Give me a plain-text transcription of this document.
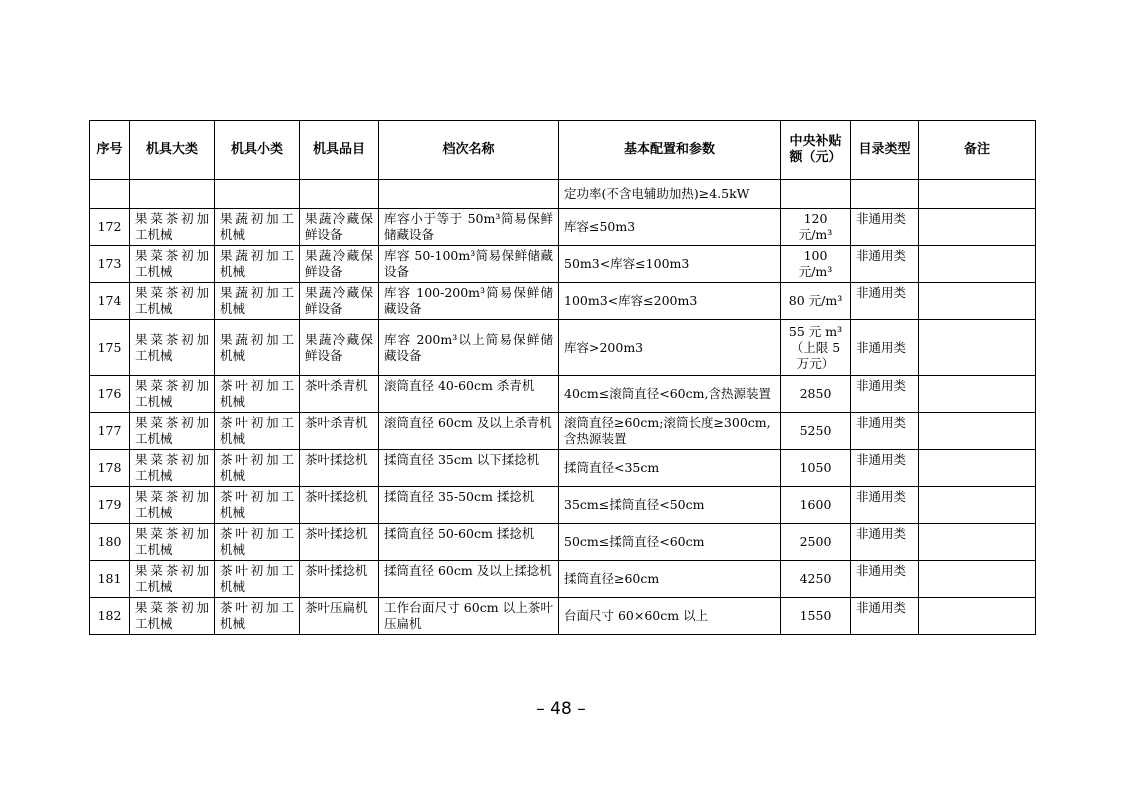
序号	机具大类	机具小类	机具品目	档次名称	基本配置和参数	中央补贴额（元）	目录类型	备注
					定功率(不含电辅助加热)≥4.5kW			
172	果菜茶初加工机械	果蔬初加工机械	果蔬冷藏保鲜设备	库容小于等于 50m³简易保鲜储藏设备	库容≤50m3	120 元/m³	非通用类	

173	果菜茶初加工机械	果蔬初加工机械	果蔬冷藏保鲜设备	库容 50-100m³简易保鲜储藏设备	50m3<库容≤100m3	100 元/m³	非通用类	

174	果菜茶初加工机械	果蔬初加工机械	果蔬冷藏保鲜设备	库容 100-200m³简易保鲜储藏设备	100m3<库容≤200m3	80 元/m³	非通用类	

175	果菜茶初加工机械	果蔬初加工机械	果蔬冷藏保鲜设备	库容 200m³以上简易保鲜储藏设备	库容>200m3	55 元 m³（上限 5 万元）	非通用类	

176	果菜茶初加工机械	茶叶初加工机械	茶叶杀青机	滚筒直径 40-60cm 杀青机	40cm≤滚筒直径<60cm,含热源装置	2850	非通用类	

177	果菜茶初加工机械	茶叶初加工机械	茶叶杀青机	滚筒直径 60cm 及以上杀青机	滚筒直径≥60cm;滚筒长度≥300cm,含热源装置	5250	非通用类	

178	果菜茶初加工机械	茶叶初加工机械	茶叶揉捻机	揉筒直径 35cm 以下揉捻机	揉筒直径<35cm	1050	非通用类	

179	果菜茶初加工机械	茶叶初加工机械	茶叶揉捻机	揉筒直径 35-50cm 揉捻机	35cm≤揉筒直径<50cm	1600	非通用类	

180	果菜茶初加工机械	茶叶初加工机械	茶叶揉捻机	揉筒直径 50-60cm 揉捻机	50cm≤揉筒直径<60cm	2500	非通用类	

181	果菜茶初加工机械	茶叶初加工机械	茶叶揉捻机	揉筒直径 60cm 及以上揉捻机	揉筒直径≥60cm	4250	非通用类	

182	果菜茶初加工机械	茶叶初加工机械	茶叶压扁机	工作台面尺寸 60cm 以上茶叶压扁机	台面尺寸 60×60cm 以上	1550	非通用类	

– 48 –
